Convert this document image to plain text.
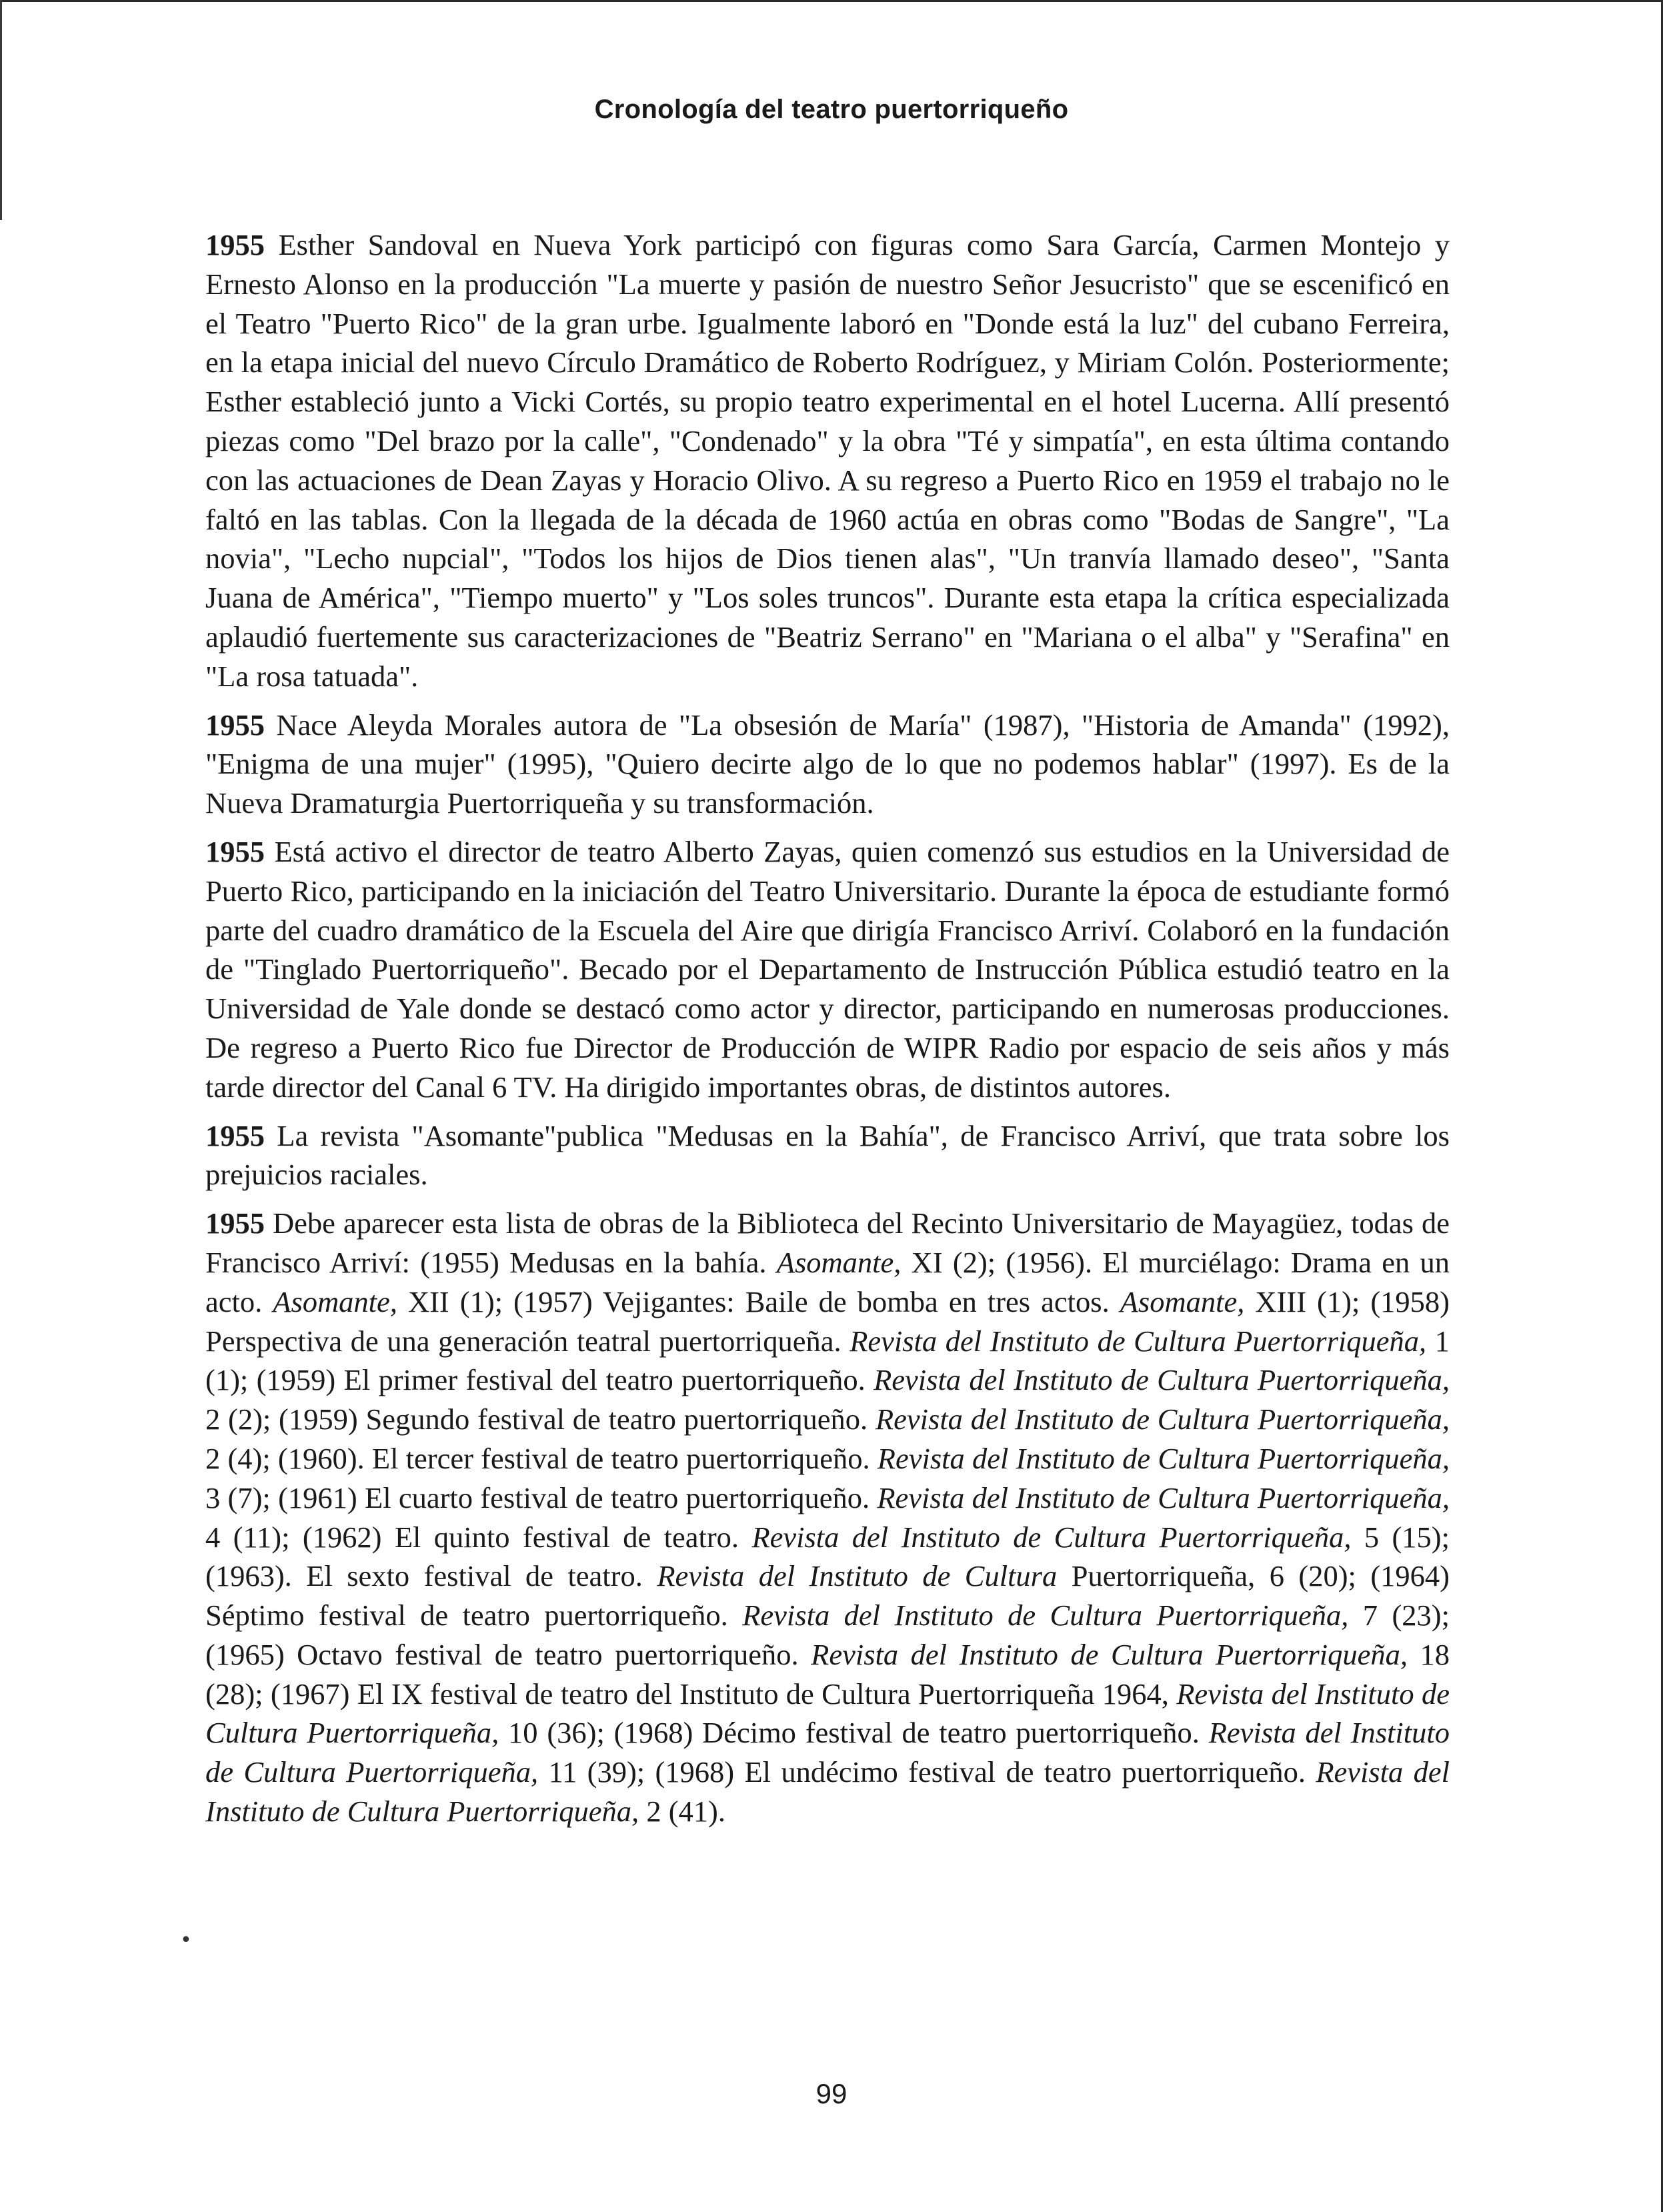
Cronología del teatro puertorriqueño

1955 Esther Sandoval en Nueva York participó con figuras como Sara García, Carmen Montejo y Ernesto Alonso en la producción "La muerte y pasión de nuestro Señor Jesucristo" que se escenificó en el Teatro "Puerto Rico" de la gran urbe. Igualmente laboró en "Donde está la luz" del cubano Ferreira, en la etapa inicial del nuevo Círculo Dramático de Roberto Rodríguez, y Miriam Colón. Posteriormente; Esther estableció junto a Vicki Cortés, su propio teatro experimental en el hotel Lucerna. Allí presentó piezas como "Del brazo por la calle", "Condenado" y la obra "Té y simpatía", en esta última contando con las actuaciones de Dean Zayas y Horacio Olivo. A su regreso a Puerto Rico en 1959 el trabajo no le faltó en las tablas. Con la llegada de la década de 1960 actúa en obras como "Bodas de Sangre", "La novia", "Lecho nupcial", "Todos los hijos de Dios tienen alas", "Un tranvía llamado deseo", "Santa Juana de América", "Tiempo muerto" y "Los soles truncos". Durante esta etapa la crítica especializada aplaudió fuertemente sus caracterizaciones de "Beatriz Serrano" en "Mariana o el alba" y "Serafina" en "La rosa tatuada".

1955 Nace Aleyda Morales autora de "La obsesión de María" (1987), "Historia de Amanda" (1992), "Enigma de una mujer" (1995), "Quiero decirte algo de lo que no podemos hablar" (1997). Es de la Nueva Dramaturgia Puertorriqueña y su transformación.

1955 Está activo el director de teatro Alberto Zayas, quien comenzó sus estudios en la Universidad de Puerto Rico, participando en la iniciación del Teatro Universitario. Durante la época de estudiante formó parte del cuadro dramático de la Escuela del Aire que dirigía Francisco Arriví. Colaboró en la fundación de "Tinglado Puertorriqueño". Becado por el Departamento de Instrucción Pública estudió teatro en la Universidad de Yale donde se destacó como actor y director, participando en numerosas producciones. De regreso a Puerto Rico fue Director de Producción de WIPR Radio por espacio de seis años y más tarde director del Canal 6 TV. Ha dirigido importantes obras, de distintos autores.

1955 La revista "Asomante"publica "Medusas en la Bahía", de Francisco Arriví, que trata sobre los prejuicios raciales.

1955 Debe aparecer esta lista de obras de la Biblioteca del Recinto Universitario de Mayagüez, todas de Francisco Arriví: (1955) Medusas en la bahía. Asomante, XI (2); (1956). El murciélago: Drama en un acto. Asomante, XII (1); (1957) Vejigantes: Baile de bomba en tres actos. Asomante, XIII (1); (1958) Perspectiva de una generación teatral puertorriqueña. Revista del Instituto de Cultura Puertorriqueña, 1 (1); (1959) El primer festival del teatro puertorriqueño. Revista del Instituto de Cultura Puertorriqueña, 2 (2); (1959) Segundo festival de teatro puertorriqueño. Revista del Instituto de Cultura Puertorriqueña, 2 (4); (1960). El tercer festival de teatro puertorriqueño. Revista del Instituto de Cultura Puertorriqueña, 3 (7); (1961) El cuarto festival de teatro puertorriqueño. Revista del Instituto de Cultura Puertorriqueña, 4 (11); (1962) El quinto festival de teatro. Revista del Instituto de Cultura Puertorriqueña, 5 (15); (1963). El sexto festival de teatro. Revista del Instituto de Cultura Puertorriqueña, 6 (20); (1964) Séptimo festival de teatro puertorriqueño. Revista del Instituto de Cultura Puertorriqueña, 7 (23); (1965) Octavo festival de teatro puertorriqueño. Revista del Instituto de Cultura Puertorriqueña, 18 (28); (1967) El IX festival de teatro del Instituto de Cultura Puertorriqueña 1964, Revista del Instituto de Cultura Puertorriqueña, 10 (36); (1968) Décimo festival de teatro puertorriqueño. Revista del Instituto de Cultura Puertorriqueña, 11 (39); (1968) El undécimo festival de teatro puertorriqueño. Revista del Instituto de Cultura Puertorriqueña, 2 (41).

•
99
